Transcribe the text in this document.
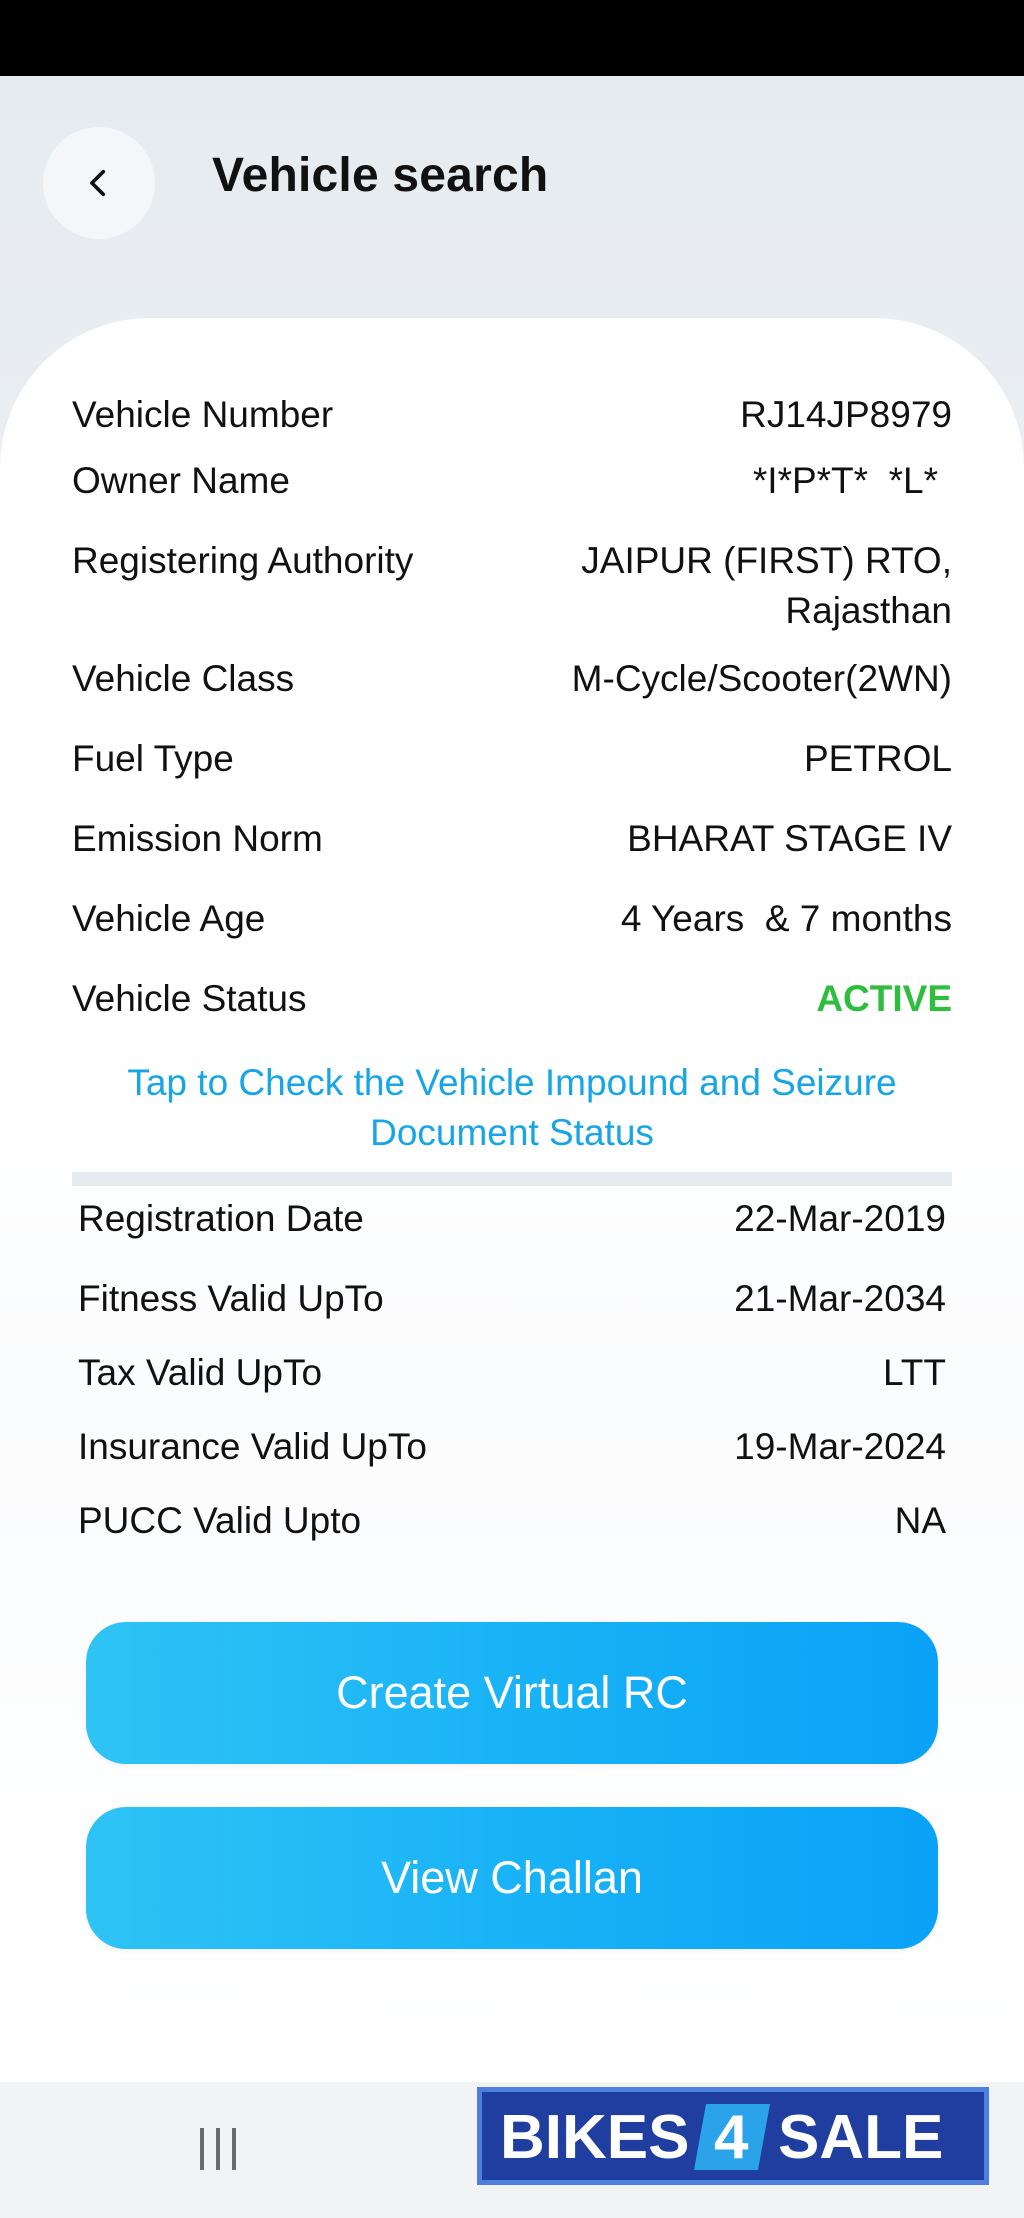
Vehicle search
Vehicle Number	RJ14JP8979
Owner Name	*I*P*T*  *L*
Registering Authority	JAIPUR (FIRST) RTO,
Rajasthan
Vehicle Class	M-Cycle/Scooter(2WN)
Fuel Type	PETROL
Emission Norm	BHARAT STAGE IV
Vehicle Age	4 Years  & 7 months
Vehicle Status	ACTIVE
Tap to Check the Vehicle Impound and Seizure Document Status
Registration Date	22-Mar-2019
Fitness Valid UpTo	21-Mar-2034
Tax Valid UpTo	LTT
Insurance Valid UpTo	19-Mar-2024
PUCC Valid Upto	NA
Create Virtual RC
View Challan
BIKES 4 SALE
